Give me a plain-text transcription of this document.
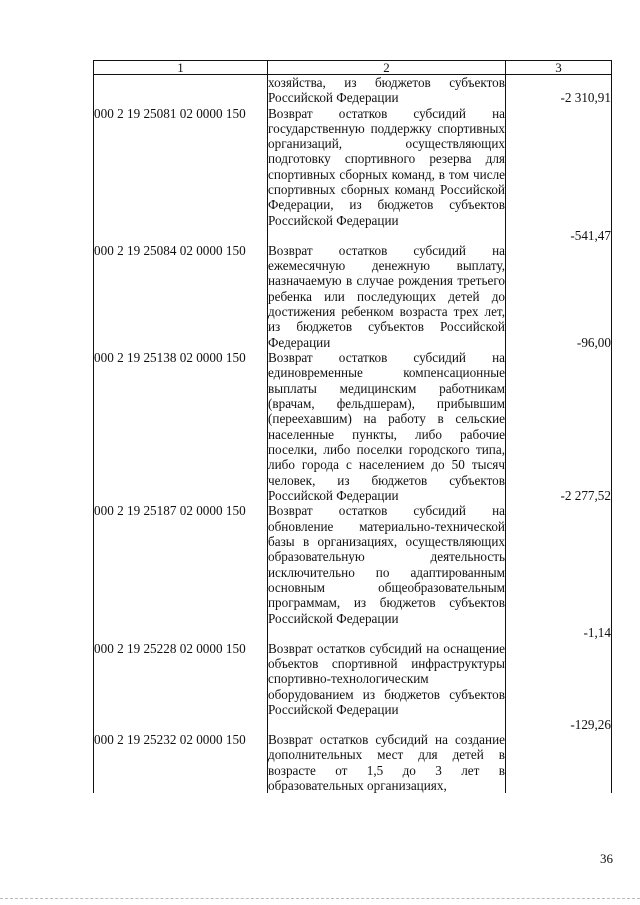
1	2	3
	хозяйства, из бюджетов субъектов Российской Федерации	-2 310,91
000 2 19 25081 02 0000 150	Возврат остатков субсидий на государственную поддержку спортивных организаций, осуществляющих подготовку спортивного резерва для спортивных сборных команд, в том числе спортивных сборных команд Российской Федерации, из бюджетов субъектов Российской Федерации	-541,47
000 2 19 25084 02 0000 150	Возврат остатков субсидий на ежемесячную денежную выплату, назначаемую в случае рождения третьего ребенка или последующих детей до достижения ребенком возраста трех лет, из бюджетов субъектов Российской Федерации	-96,00
000 2 19 25138 02 0000 150	Возврат остатков субсидий на единовременные компенсационные выплаты медицинским работникам (врачам, фельдшерам), прибывшим (переехавшим) на работу в сельские населенные пункты, либо рабочие поселки, либо поселки городского типа, либо города с населением до 50 тысяч человек, из бюджетов субъектов Российской Федерации	-2 277,52
000 2 19 25187 02 0000 150	Возврат остатков субсидий на обновление материально-технической базы в организациях, осуществляющих образовательную деятельность исключительно по адаптированным основным общеобразовательным программам, из бюджетов субъектов Российской Федерации	-1,14
000 2 19 25228 02 0000 150	Возврат остатков субсидий на оснащение объектов спортивной инфраструктуры спортивно-технологическим оборудованием из бюджетов субъектов Российской Федерации	-129,26
000 2 19 25232 02 0000 150	Возврат остатков субсидий на создание дополнительных мест для детей в возрасте от 1,5 до 3 лет в образовательных организациях,	
36
